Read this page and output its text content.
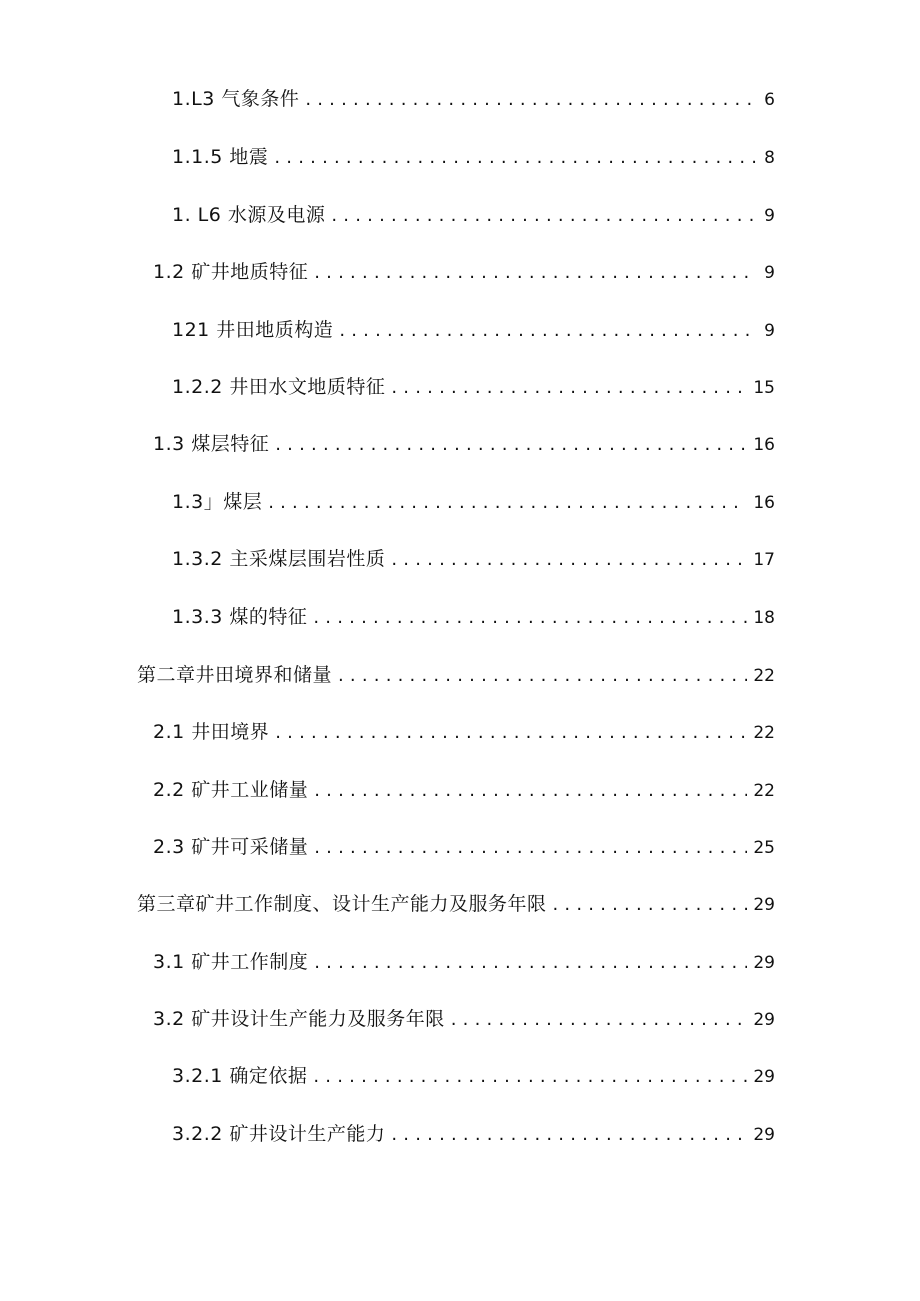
1.L3 气象条件 .....	6
1.1.5 地震 .....	8
1. L6 水源及电源 .....	9
1.2 矿井地质特征 .....	9
121 井田地质构造 .....	9
1.2.2 井田水文地质特征 .....	15
1.3 煤层特征 .....	16
1.3」煤层 .....	16
1.3.2 主采煤层围岩性质 .....	17
1.3.3 煤的特征 .....	18
第二章井田境界和储量 .....	22
2.1 井田境界 .....	22
2.2 矿井工业储量 .....	22
2.3 矿井可采储量 .....	25
第三章矿井工作制度、设计生产能力及服务年限 .....	29
3.1 矿井工作制度 .....	29
3.2 矿井设计生产能力及服务年限 .....	29
3.2.1 确定依据 .....	29
3.2.2 矿井设计生产能力 .....	29
